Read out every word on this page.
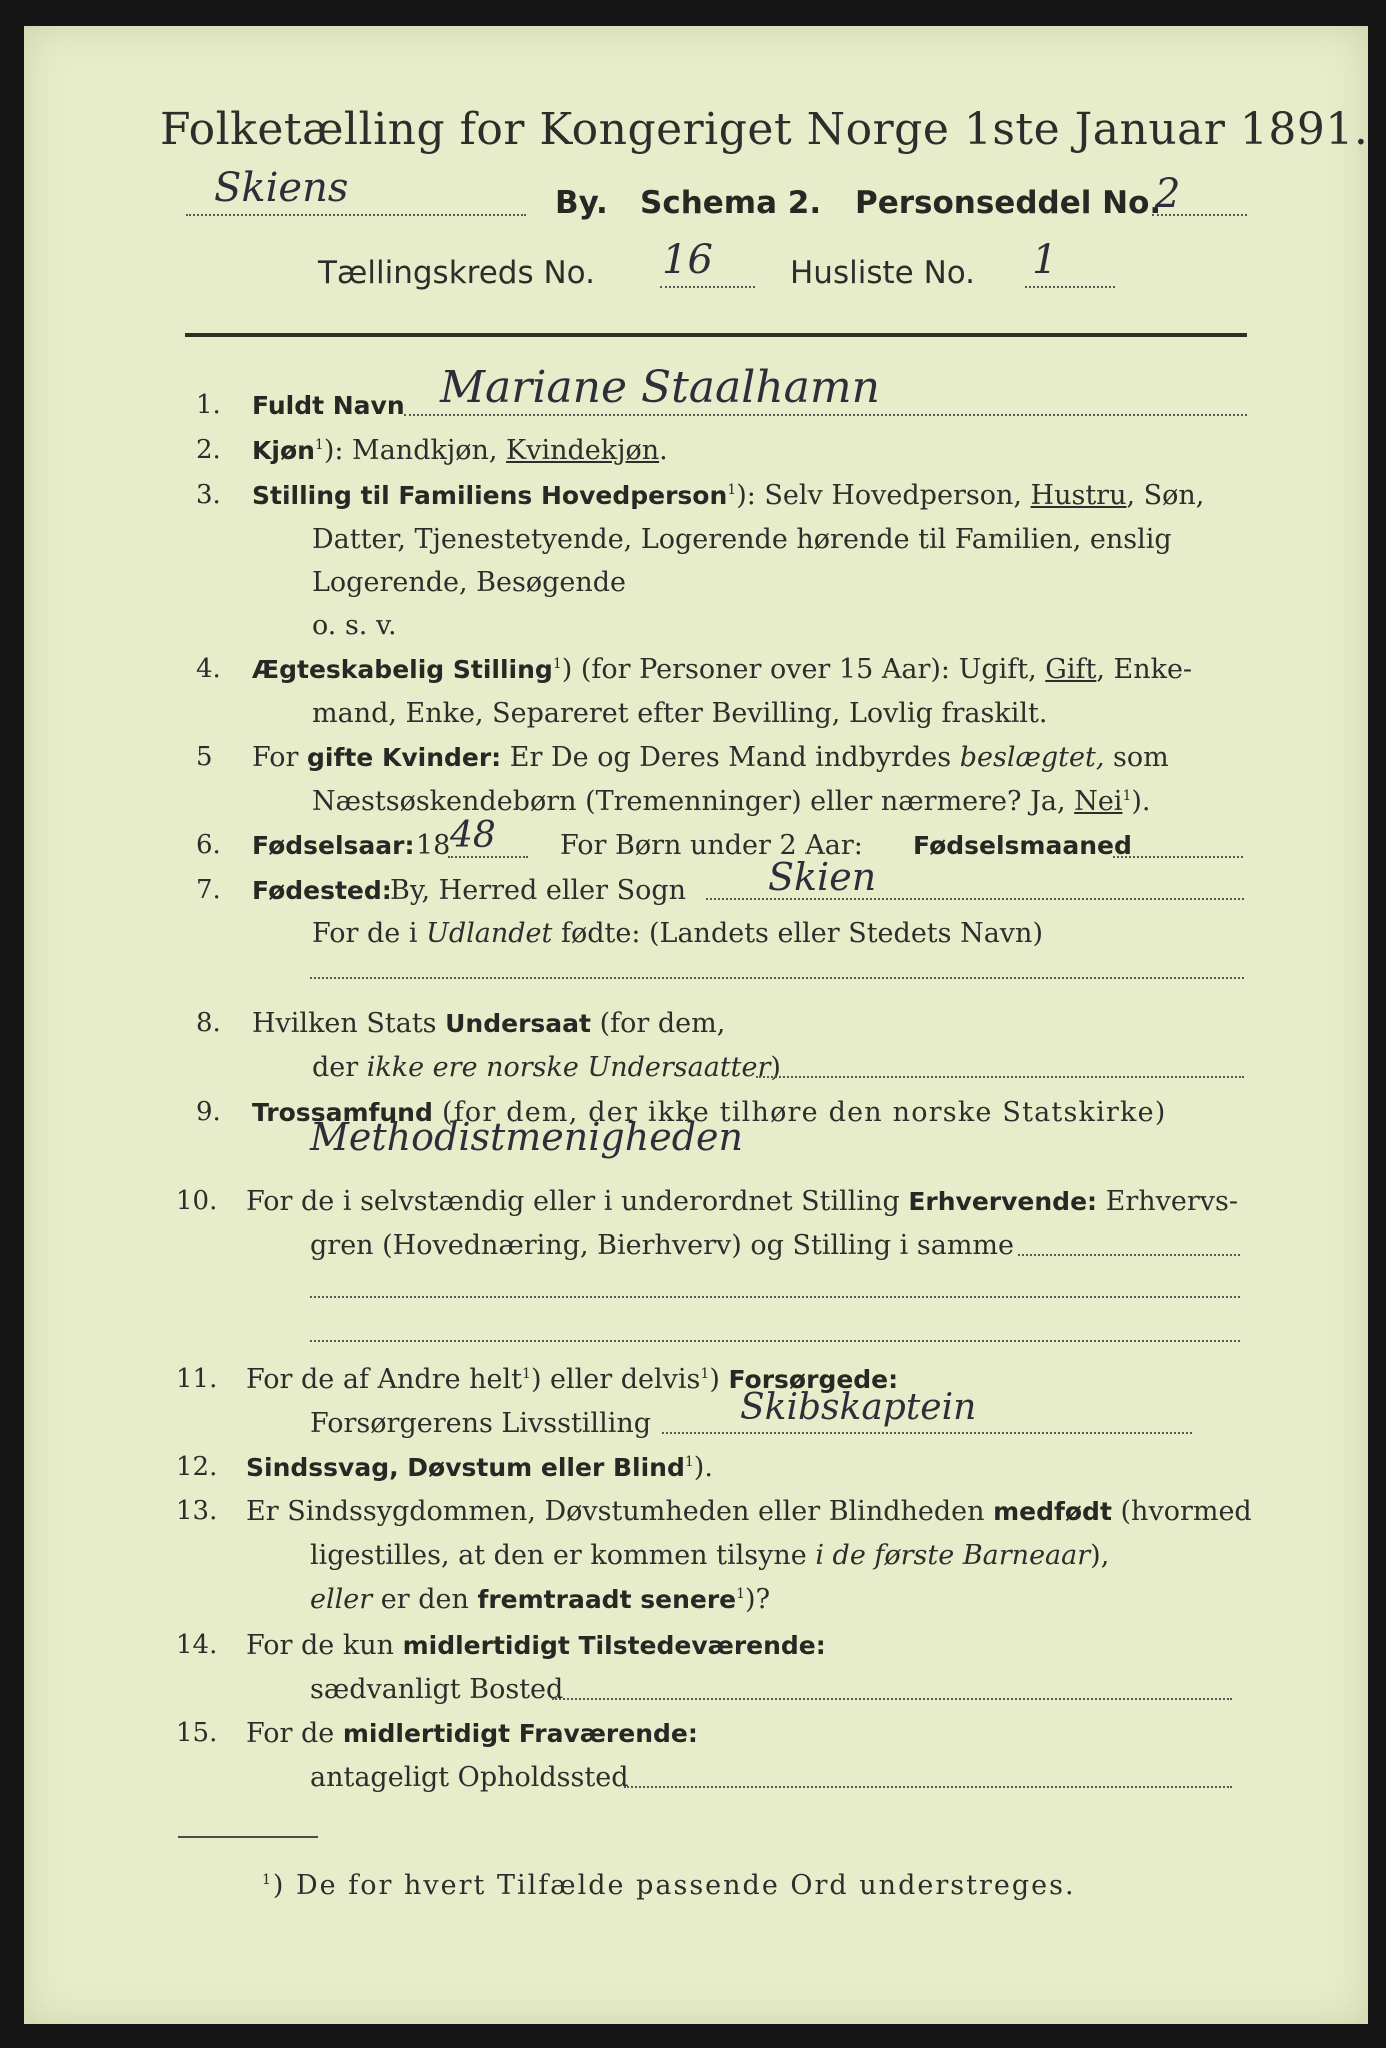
Folketælling for Kongeriget Norge 1ste Januar 1891.
Skiens	By. Schema 2. Personseddel No.
2
Tællingskreds No. 16 Husliste No. 1
1. Fuldt Navn Mariane Staalhamn
2. Kjøn$^1$): Mandkjøn, Kvindekjøn.
3. Stilling til Familiens Hovedperson$^1$): Selv Hovedperson, Hustru, Søn,
Datter, Tjenestetyende, Logerende hørende til Familien, enslig
Logerende, Besøgende
o. s. v.
4. Ægteskabelig Stilling$^1$) (for Personer over 15 Aar): Ugift, Gift, Enke-
mand, Enke, Separeret efter Bevilling, Lovlig fraskilt.
5 For gifte Kvinder: Er De og Deres Mand indbyrdes beslægtet, som
Næstsøskendebørn (Tremenninger) eller nærmere? Ja, Nei$^1$).
6. Fødselsaar: 18 48 For Børn under 2 Aar: Fødselsmaaned
7. Fødested:
By, Herred eller Sogn Skien
For de i Udlandet fødte: (Landets eller Stedets Navn)
8. Hvilken Stats Undersaat (for dem,
der ikke ere norske Undersaatter)
9. Trossamfund (for dem, der ikke tilhøre den norske Statskirke)
Methodistmenigheden
10. For de i selvstændig eller i underordnet Stilling Erhvervende: Erhvervs-
gren (Hovednæring, Bierhverv) og Stilling i samme
11. For de af Andre helt$^1$) eller delvis$^1$) Forsørgede:
Forsørgerens Livsstilling Skibskaptein
12. Sindssvag, Døvstum eller Blind$^1$).
13. Er Sindssygdommen, Døvstumheden eller Blindheden medfødt (hvormed
ligestilles, at den er kommen tilsyne i de første Barneaar),
eller er den fremtraadt senere$^1$)?
14. For de kun midlertidigt Tilstedeværende:
sædvanligt Bosted
15. For de midlertidigt Fraværende:
antageligt Opholdssted
$^1$) De for hvert Tilfælde passende Ord understreges.
